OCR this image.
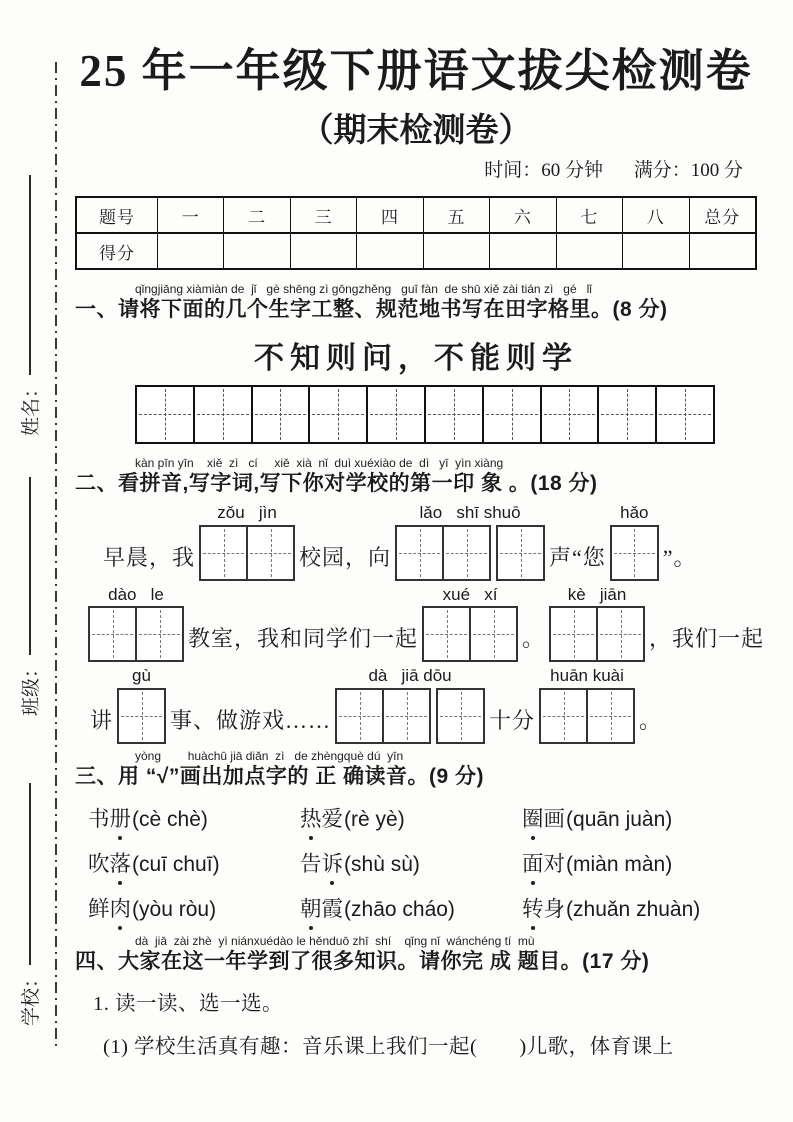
姓名：
班级：
学校：
25 年一年级下册语文拔尖检测卷
（期末检测卷）
时间：60 分钟 满分：100 分
题号	一	二	三	四	五	六	七	八	总分
得分
qǐngjiāng xiàmiàn de  jǐ   gè shēng zì gōngzhěng   guī fàn  de shū xiě zài tián zì   gé   lǐ
一、请将下面的几个生字工整、规范地书写在田字格里。(8 分)
不知则问，不能则学
kàn pīn yīn    xiě  zì   cí     xiě  xià  nǐ  duì xuéxiào de  dì   yī  yìn xiàng
二、看拼音,写字词,写下你对学校的第一印 象 。(18 分)
早晨，我
zǒu   jìn
校园，向
lǎo   shī shuō
声“您
hǎo
”。
dào   le
教室，我和同学们一起
xué   xí
。
kè   jiān
，我们一起
讲
gù
事、做游戏……
dà   jiā dōu
十分
huān kuài
。
yòng        huàchū jiā diǎn  zì   de zhèngquè dú  yīn
三、用 “√”画出加点字的 正 确读音。(9 分)
书册(cè chè)	热爱(rè yè)	圈画(quān juàn)
吹落(cuī chuī)	告诉(shù sù)	面对(miàn màn)
鲜肉(yòu ròu)	朝霞(zhāo cháo)	转身(zhuǎn zhuàn)
dà  jiā  zài zhè  yì niánxuédào le hěnduō zhī  shí    qǐng nǐ  wánchéng tí  mù
四、大家在这一年学到了很多知识。请你完 成 题目。(17 分)
1. 读一读、选一选。
(1) 学校生活真有趣：音乐课上我们一起(　　)儿歌，体育课上
